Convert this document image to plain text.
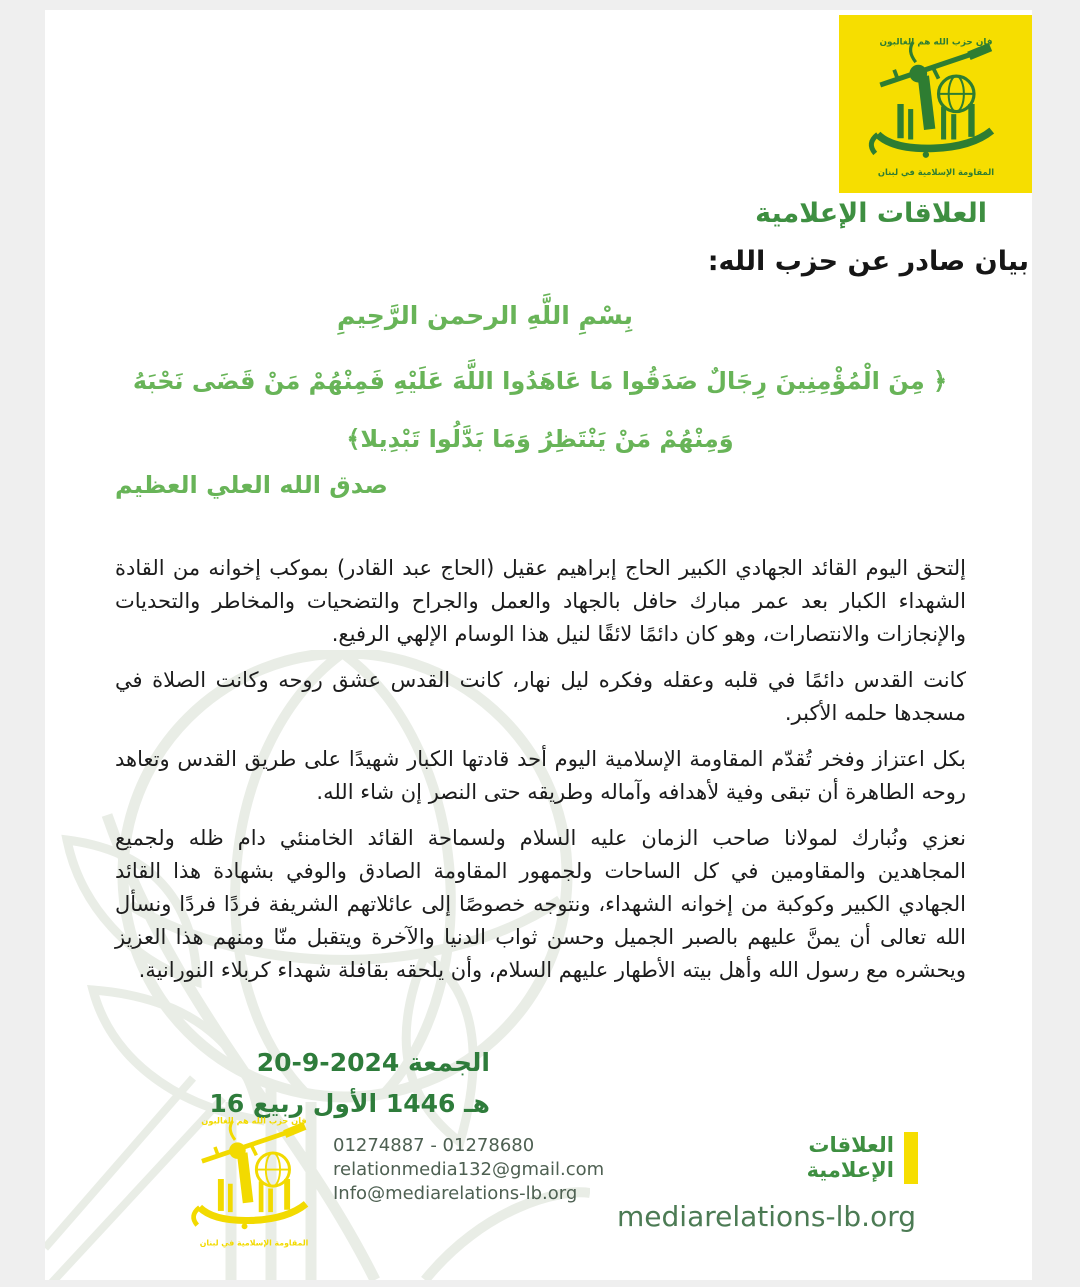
فإن حزب الله هم الغالبون
المقاومة الإسلامية في لبنان
العلاقات الإعلامية
بيان صادر عن حزب الله:
بِسْمِ اللَّهِ الرحمن الرَّحِيمِ
﴿ مِنَ الْمُؤْمِنِينَ رِجَالٌ صَدَقُوا مَا عَاهَدُوا اللَّهَ عَلَيْهِ فَمِنْهُمْ مَنْ قَضَى نَحْبَهُ وَمِنْهُمْ مَنْ يَنْتَظِرُ وَمَا بَدَّلُوا تَبْدِيلا﴾
صدق الله العلي العظيم

إلتحق اليوم القائد الجهادي الكبير الحاج إبراهيم عقيل (الحاج عبد القادر) بموكب إخوانه من القادة الشهداء الكبار بعد عمر مبارك حافل بالجهاد والعمل والجراح والتضحيات والمخاطر والتحديات والإنجازات والانتصارات، وهو كان دائمًا لائقًا لنيل هذا الوسام الإلهي الرفيع.

كانت القدس دائمًا في قلبه وعقله وفكره ليل نهار، كانت القدس عشق روحه وكانت الصلاة في مسجدها حلمه الأكبر.

بكل اعتزاز وفخر تُقدّم المقاومة الإسلامية اليوم أحد قادتها الكبار شهيدًا على طريق القدس وتعاهد روحه الطاهرة أن تبقى وفية لأهدافه وآماله وطريقه حتى النصر إن شاء الله.

نعزي ونُبارك لمولانا صاحب الزمان عليه السلام ولسماحة القائد الخامنئي دام ظله ولجميع المجاهدين والمقاومين في كل الساحات ولجمهور المقاومة الصادق والوفي بشهادة هذا القائد الجهادي الكبير وكوكبة من إخوانه الشهداء، ونتوجه خصوصًا إلى عائلاتهم الشريفة فردًا فردًا ونسأل الله تعالى أن يمنَّ عليهم بالصبر الجميل وحسن ثواب الدنيا والآخرة ويتقبل منّا ومنهم هذا العزيز ويحشره مع رسول الله وأهل بيته الأطهار عليهم السلام، وأن يلحقه بقافلة شهداء كربلاء النورانية.

الجمعة 2024-9-20
هـ 1446 الأول ربيع 16
فإن حزب الله هم الغالبون
المقاومة الإسلامية في لبنان
01274887 - 01278680
relationmedia132@gmail.com
Info@mediarelations-lb.org
العلاقات
الإعلامية
mediarelations-lb.org
